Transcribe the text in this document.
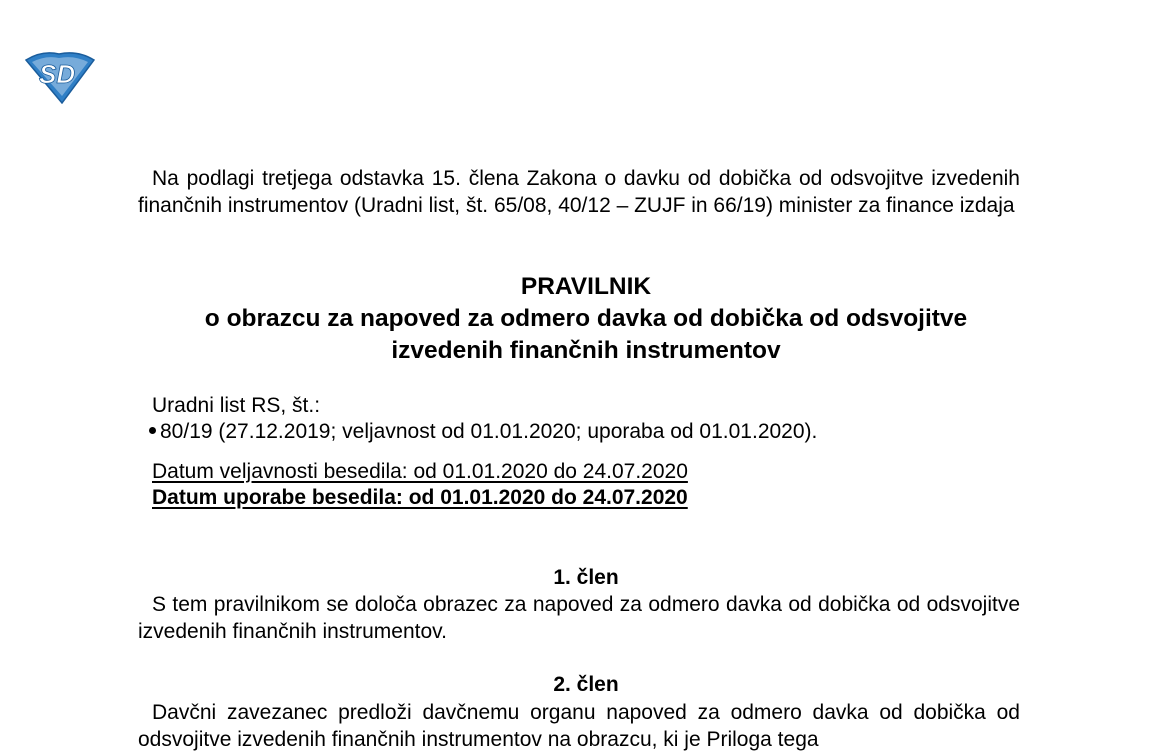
SD

Na podlagi tretjega odstavka 15. člena Zakona o davku od dobička od odsvojitve izvedenih finančnih instrumentov (Uradni list, št. 65/08, 40/12 – ZUJF in 66/19) minister za finance izdaja

PRAVILNIK
o obrazcu za napoved za odmero davka od dobička od odsvojitve
izvedenih finančnih instrumentov
Uradni list RS, št.:
80/19 (27.12.2019; veljavnost od 01.01.2020; uporaba od 01.01.2020).
Datum veljavnosti besedila: od 01.01.2020 do 24.07.2020
Datum uporabe besedila: od 01.01.2020 do 24.07.2020
1. člen

S tem pravilnikom se določa obrazec za napoved za odmero davka od dobička od odsvojitve izvedenih finančnih instrumentov.

2. člen

Davčni zavezanec predloži davčnemu organu napoved za odmero davka od dobička od odsvojitve izvedenih finančnih instrumentov na obrazcu, ki je Priloga tega
